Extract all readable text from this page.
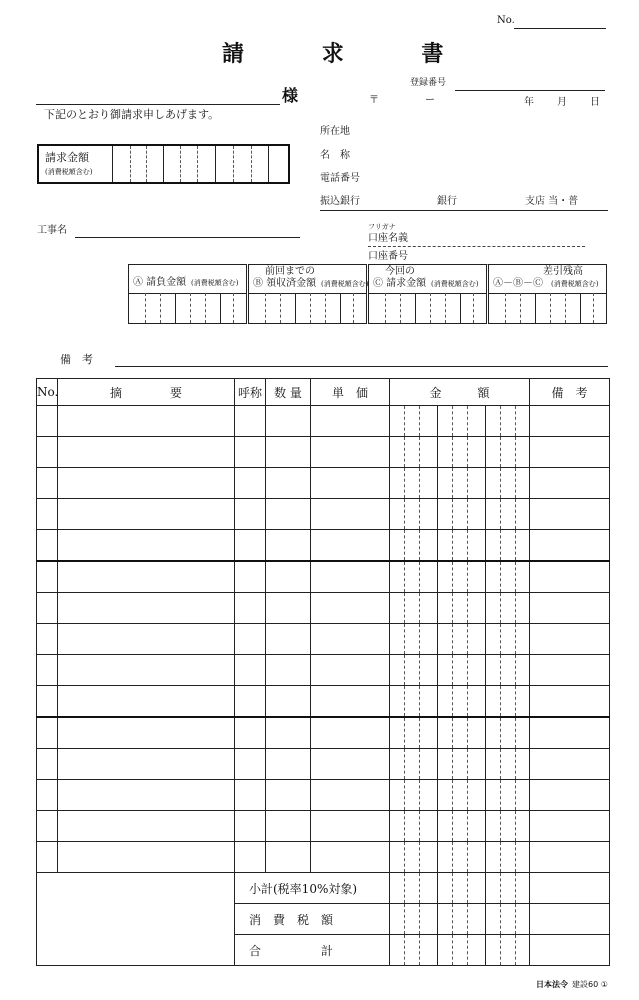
No.
請	求	書
登録番号
様
下記のとおり御請求申しあげます。
〒	ー	年 月 日
請求金額
(消費税額含む)
所在地
名　称
電話番号
振込銀行	銀行	支店 当・普
フリガナ
口座名義
口座番号
工事名
Ⓐ 請負金額 (消費税額含む)
前回までの
Ⓑ 領収済金額 (消費税額含む)
今回の
Ⓒ 請求金額 (消費税額含む)
差引残高
Ⓐ－Ⓑ－Ⓒ (消費税額含む)
備　考
No.	摘　　　　要	呼称	数 量	単　価	金　　　額	備　考

		小計(税率10%対象)			

		消　費　税　額			

		合　　　　　計			

日本法令 建設60 ①
